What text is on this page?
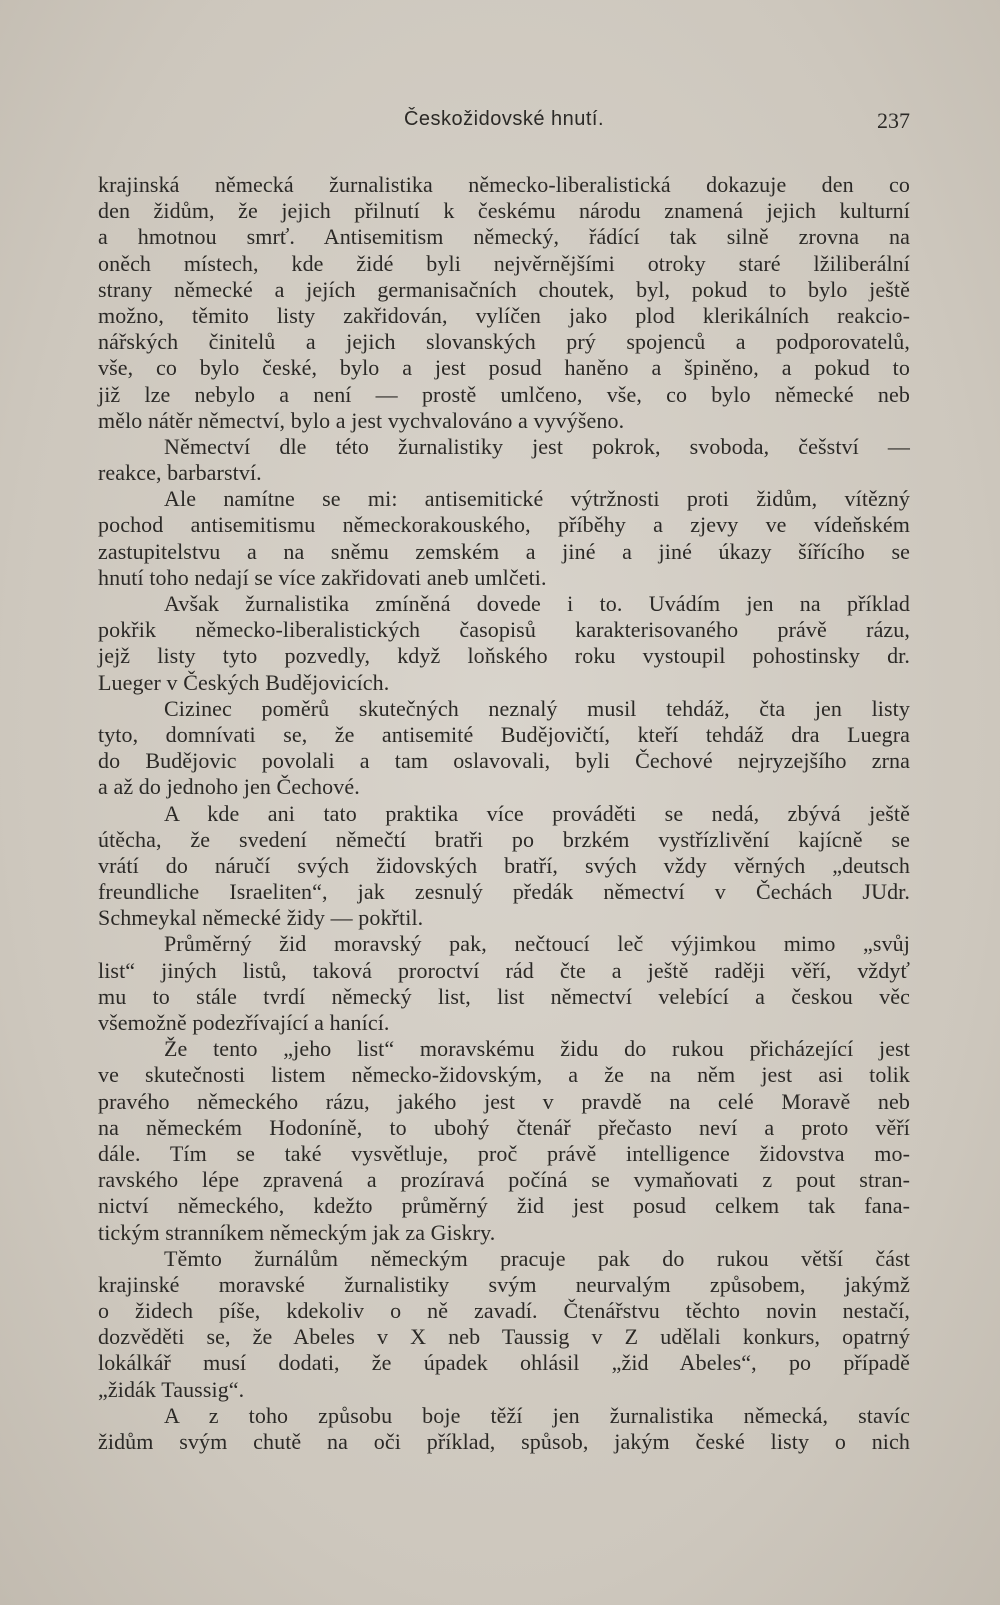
Českožidovské hnutí.	237
krajinská německá žurnalistika německo-liberalistická dokazuje den co
den židům, že jejich přilnutí k českému národu znamená jejich kulturní
a hmotnou smrť. Antisemitism německý, řádící tak silně zrovna na
oněch místech, kde židé byli nejvěrnějšími otroky staré lžiliberální
strany německé a jejích germanisačních choutek, byl, pokud to bylo ještě
možno, těmito listy zakřidován, vylíčen jako plod klerikálních reakcio-
nářských činitelů a jejich slovanských prý spojenců a podporovatelů,
vše, co bylo české, bylo a jest posud haněno a špiněno, a pokud to
již lze nebylo a není — prostě umlčeno, vše, co bylo německé neb
mělo nátěr němectví, bylo a jest vychvalováno a vyvýšeno.
Němectví dle této žurnalistiky jest pokrok, svoboda, češství —
reakce, barbarství.
Ale namítne se mi: antisemitické výtržnosti proti židům, vítězný
pochod antisemitismu německorakouského, příběhy a zjevy ve vídeňském
zastupitelstvu a na sněmu zemském a jiné a jiné úkazy šířícího se
hnutí toho nedají se více zakřidovati aneb umlčeti.
Avšak žurnalistika zmíněná dovede i to. Uvádím jen na příklad
pokřik německo-liberalistických časopisů karakterisovaného právě rázu,
jejž listy tyto pozvedly, když loňského roku vystoupil pohostinsky dr.
Lueger v Českých Budějovicích.
Cizinec poměrů skutečných neznalý musil tehdáž, čta jen listy
tyto, domnívati se, že antisemité Budějovičtí, kteří tehdáž dra Luegra
do Budějovic povolali a tam oslavovali, byli Čechové nejryzejšího zrna
a až do jednoho jen Čechové.
A kde ani tato praktika více prováděti se nedá, zbývá ještě
útěcha, že svedení němečtí bratři po brzkém vystřízlivění kajícně se
vrátí do náručí svých židovských bratří, svých vždy věrných „deutsch
freundliche Israeliten“, jak zesnulý předák němectví v Čechách JUdr.
Schmeykal německé židy — pokřtil.
Průměrný žid moravský pak, nečtoucí leč výjimkou mimo „svůj
list“ jiných listů, taková proroctví rád čte a ještě raději věří, vždyť
mu to stále tvrdí německý list, list němectví velebící a českou věc
všemožně podezřívající a hanící.
Že tento „jeho list“ moravskému židu do rukou přicházející jest
ve skutečnosti listem německo-židovským, a že na něm jest asi tolik
pravého německého rázu, jakého jest v pravdě na celé Moravě neb
na německém Hodoníně, to ubohý čtenář přečasto neví a proto věří
dále. Tím se také vysvětluje, proč právě intelligence židovstva mo-
ravského lépe zpravená a prozíravá počíná se vymaňovati z pout stran-
nictví německého, kdežto průměrný žid jest posud celkem tak fana-
tickým stranníkem německým jak za Giskry.
Těmto žurnálům německým pracuje pak do rukou větší část
krajinské moravské žurnalistiky svým neurvalým způsobem, jakýmž
o židech píše, kdekoliv o ně zavadí. Čtenářstvu těchto novin nestačí,
dozvěděti se, že Abeles v X neb Taussig v Z udělali konkurs, opatrný
lokálkář musí dodati, že úpadek ohlásil „žid Abeles“, po případě
„židák Taussig“.
A z toho způsobu boje těží jen žurnalistika německá, stavíc
židům svým chutě na oči příklad, spůsob, jakým české listy o nich
